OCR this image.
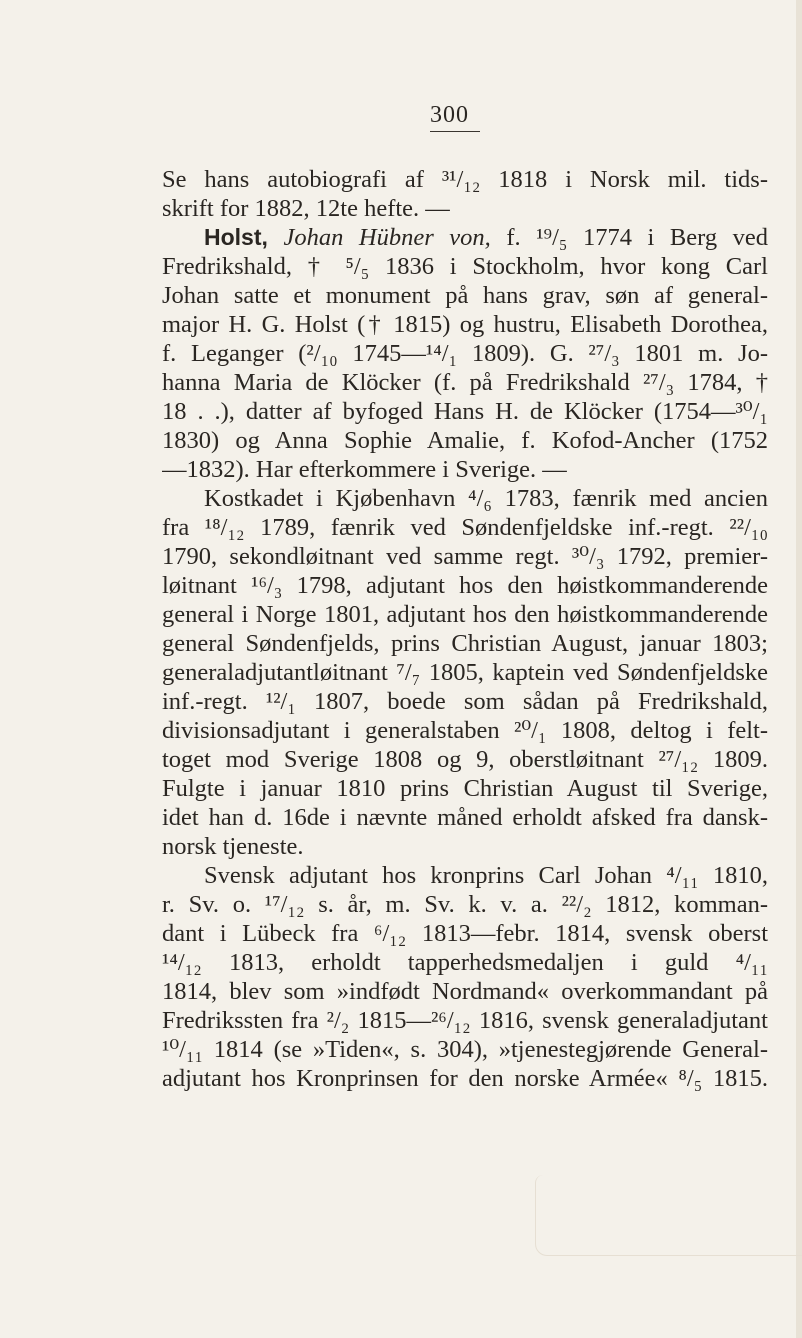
300
Se hans autobiografi af ³¹/₁₂ 1818 i Norsk mil. tids-
skrift for 1882, 12te hefte. —
Holst, Johan Hübner von, f. ¹⁹/₅ 1774 i Berg ved
Fredrikshald, † ⁵/₅ 1836 i Stockholm, hvor kong Carl
Johan satte et monument på hans grav, søn af general-
major H. G. Holst († 1815) og hustru, Elisabeth Dorothea,
f. Leganger (²/₁₀ 1745—¹⁴/₁ 1809). G. ²⁷/₃ 1801 m. Jo-
hanna Maria de Klöcker (f. på Fredrikshald ²⁷/₃ 1784, †
18 . .), datter af byfoged Hans H. de Klöcker (1754—³⁰/₁
1830) og Anna Sophie Amalie, f. Kofod-Ancher (1752
—1832). Har efterkommere i Sverige. —
Kostkadet i Kjøbenhavn ⁴/₆ 1783, fænrik med ancien
fra ¹⁸/₁₂ 1789, fænrik ved Søndenfjeldske inf.-regt. ²²/₁₀
1790, sekondløitnant ved samme regt. ³⁰/₃ 1792, premier-
løitnant ¹⁶/₃ 1798, adjutant hos den høistkommanderende
general i Norge 1801, adjutant hos den høistkommanderende
general Søndenfjelds, prins Christian August, januar 1803;
generaladjutantløitnant ⁷/₇ 1805, kaptein ved Søndenfjeldske
inf.-regt. ¹²/₁ 1807, boede som sådan på Fredrikshald,
divisionsadjutant i generalstaben ²⁰/₁ 1808, deltog i felt-
toget mod Sverige 1808 og 9, oberstløitnant ²⁷/₁₂ 1809.
Fulgte i januar 1810 prins Christian August til Sverige,
idet han d. 16de i nævnte måned erholdt afsked fra dansk-
norsk tjeneste.
Svensk adjutant hos kronprins Carl Johan ⁴/₁₁ 1810,
r. Sv. o. ¹⁷/₁₂ s. år, m. Sv. k. v. a. ²²/₂ 1812, komman-
dant i Lübeck fra ⁶/₁₂ 1813—febr. 1814, svensk oberst
¹⁴/₁₂ 1813, erholdt tapperhedsmedaljen i guld ⁴/₁₁
1814, blev som »indfødt Nordmand« overkommandant på
Fredrikssten fra ²/₂ 1815—²⁶/₁₂ 1816, svensk generaladjutant
¹⁰/₁₁ 1814 (se »Tiden«, s. 304), »tjenestegjørende General-
adjutant hos Kronprinsen for den norske Armée« ⁸/₅ 1815.
